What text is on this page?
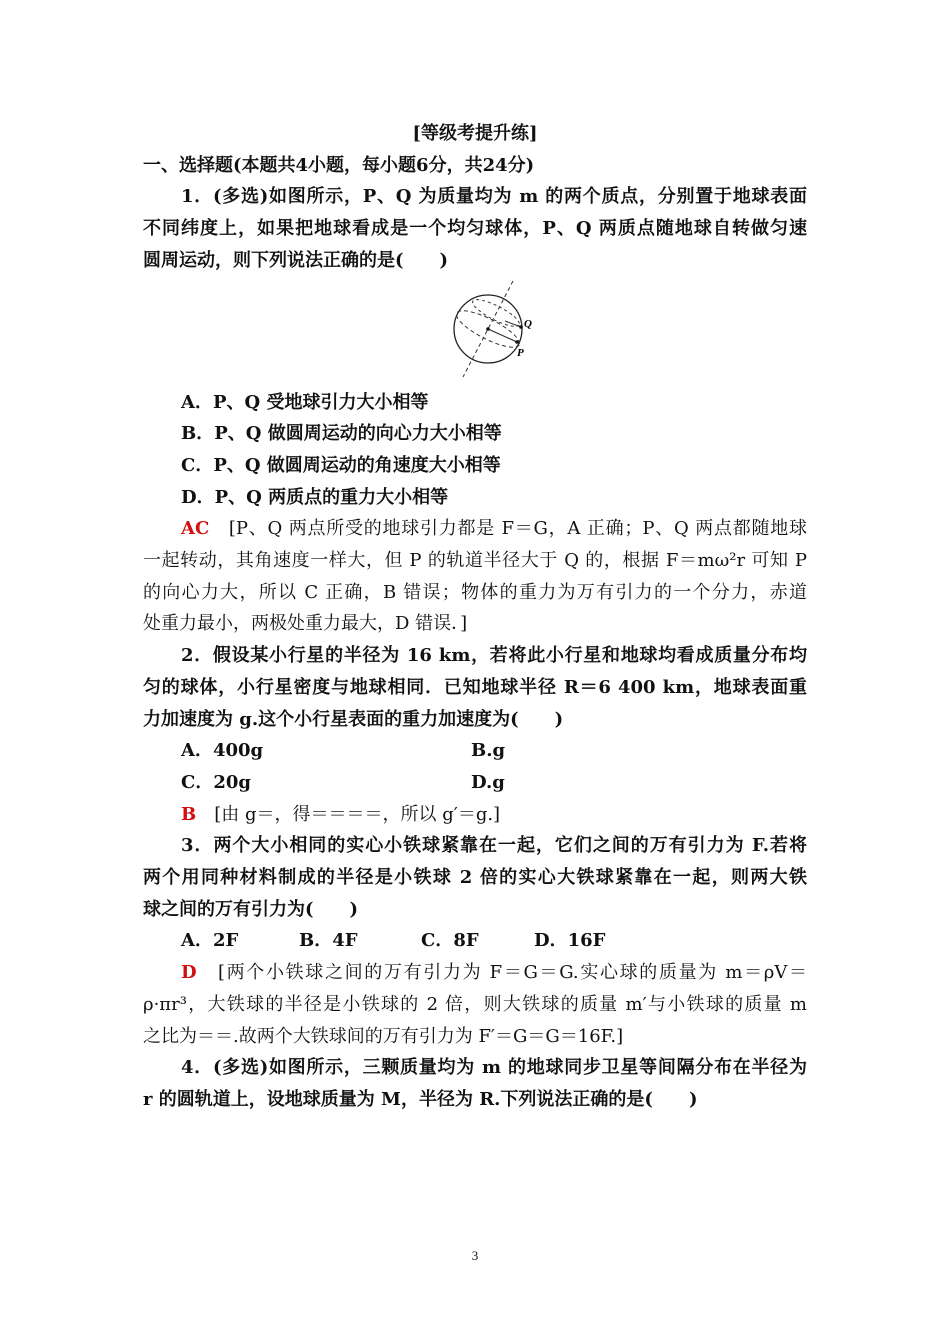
[等级考提升练]
一、选择题(本题共4小题，每小题6分，共24分)
1．(多选)如图所示，P、Q 为质量均为 m 的两个质点，分别置于地球表面
不同纬度上，如果把地球看成是一个均匀球体，P、Q 两质点随地球自转做匀速
圆周运动，则下列说法正确的是(　　)
Q
P
A．P、Q 受地球引力大小相等
B．P、Q 做圆周运动的向心力大小相等
C．P、Q 做圆周运动的角速度大小相等
D．P、Q 两质点的重力大小相等
AC　 [P、Q 两点所受的地球引力都是 F＝G，A 正确；P、Q 两点都随地球
一起转动，其角速度一样大，但 P 的轨道半径大于 Q 的，根据 F＝mω²r 可知 P
的向心力大，所以 C 正确，B 错误；物体的重力为万有引力的一个分力，赤道
处重力最小，两极处重力最大，D 错误．]
2．假设某小行星的半径为 16 km，若将此小行星和地球均看成质量分布均
匀的球体，小行星密度与地球相同．已知地球半径 R＝6 400 km，地球表面重
力加速度为 g.这个小行星表面的重力加速度为(　　)
A．400g	B.g
C．20g	D.g
B　 [由 g＝，得＝＝＝＝，所以 g′＝g.]
3．两个大小相同的实心小铁球紧靠在一起，它们之间的万有引力为 F.若将
两个用同种材料制成的半径是小铁球 2 倍的实心大铁球紧靠在一起，则两大铁
球之间的万有引力为(　　)
A．2F	B．4F	C．8F	D．16F
D　 [两个小铁球之间的万有引力为 F＝G＝G.实心球的质量为 m＝ρV＝
ρ·πr³，大铁球的半径是小铁球的 2 倍，则大铁球的质量 m′与小铁球的质量 m
之比为＝＝.故两个大铁球间的万有引力为 F′＝G＝G＝16F.]
4．(多选)如图所示，三颗质量均为 m 的地球同步卫星等间隔分布在半径为
r 的圆轨道上，设地球质量为 M，半径为 R.下列说法正确的是(　　)
3
